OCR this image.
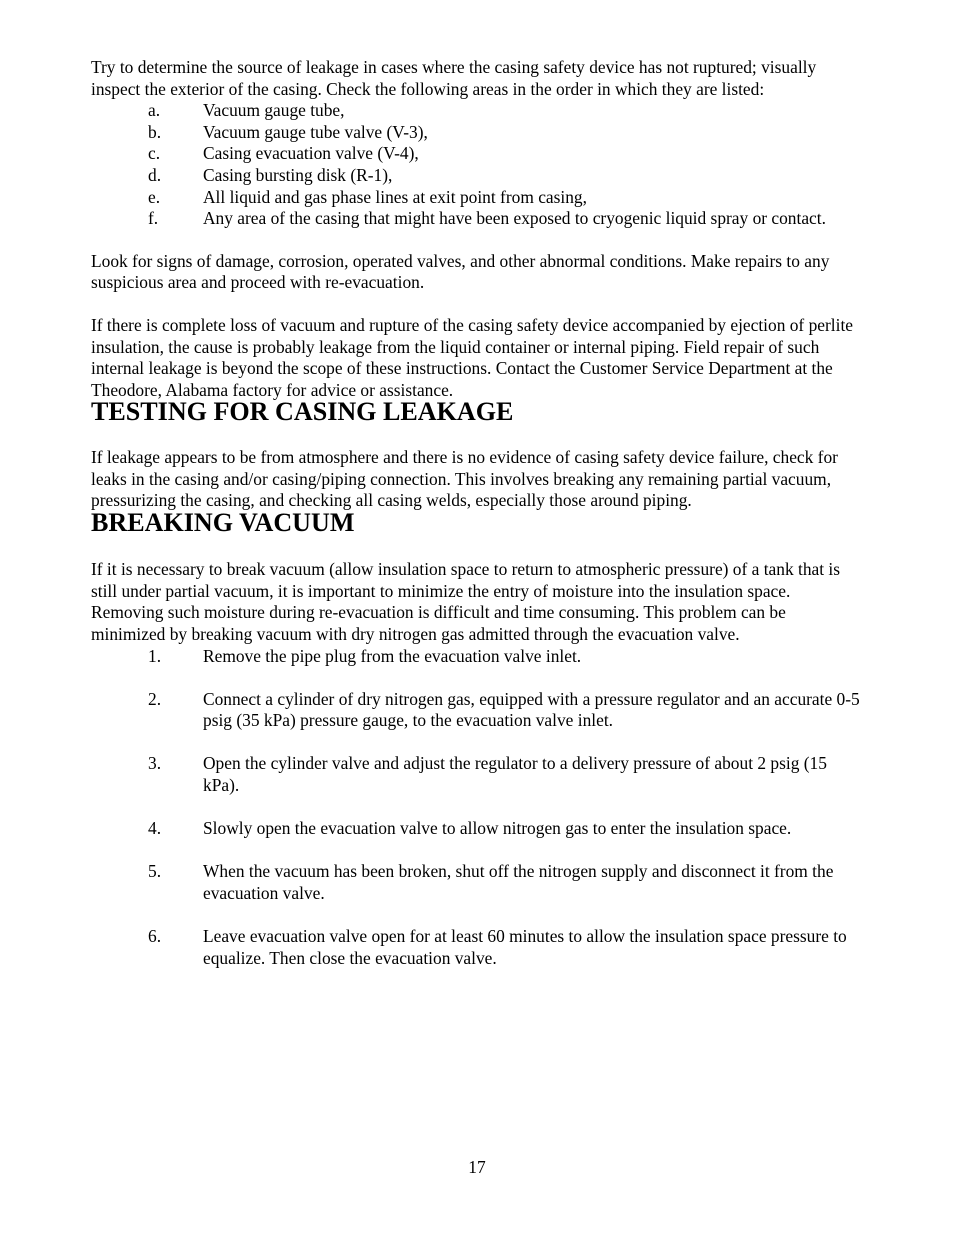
Try to determine the source of leakage in cases where the casing safety device has not ruptured; visually inspect the exterior of the casing. Check the following areas in the order in which they are listed:

a.	Vacuum gauge tube,
b.	Vacuum gauge tube valve (V-3),
c.	Casing evacuation valve (V-4),
d.	Casing bursting disk (R-1),
e.	All liquid and gas phase lines at exit point from casing,
f.	Any area of the casing that might have been exposed to cryogenic liquid spray or contact.

Look for signs of damage, corrosion, operated valves, and other abnormal conditions. Make repairs to any suspicious area and proceed with re-evacuation.

If there is complete loss of vacuum and rupture of the casing safety device accompanied by ejection of perlite insulation, the cause is probably leakage from the liquid container or internal piping. Field repair of such internal leakage is beyond the scope of these instructions. Contact the Customer Service Department at the Theodore, Alabama factory for advice or assistance.

TESTING FOR CASING LEAKAGE

If leakage appears to be from atmosphere and there is no evidence of casing safety device failure, check for leaks in the casing and/or casing/piping connection. This involves breaking any remaining partial vacuum, pressurizing the casing, and checking all casing welds, especially those around piping.

BREAKING VACUUM

If it is necessary to break vacuum (allow insulation space to return to atmospheric pressure) of a tank that is still under partial vacuum, it is important to minimize the entry of moisture into the insulation space. Removing such moisture during re-evacuation is difficult and time consuming. This problem can be minimized by breaking vacuum with dry nitrogen gas admitted through the evacuation valve.

1.	Remove the pipe plug from the evacuation valve inlet.
2.	Connect a cylinder of dry nitrogen gas, equipped with a pressure regulator and an accurate 0-5 psig (35 kPa) pressure gauge, to the evacuation valve inlet.
3.	Open the cylinder valve and adjust the regulator to a delivery pressure of about 2 psig (15 kPa).
4.	Slowly open the evacuation valve to allow nitrogen gas to enter the insulation space.
5.	When the vacuum has been broken, shut off the nitrogen supply and disconnect it from the evacuation valve.
6.	Leave evacuation valve open for at least 60 minutes to allow the insulation space pressure to equalize. Then close the evacuation valve.
17
